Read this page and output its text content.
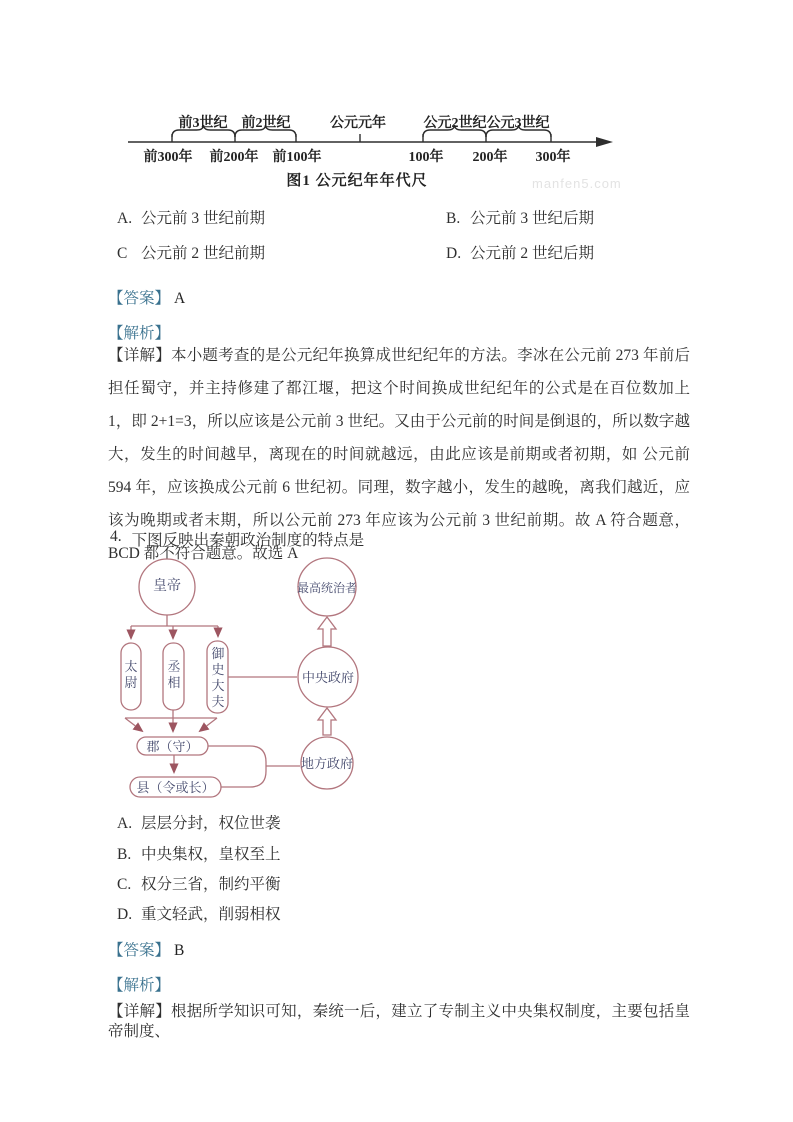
前3世纪 前2世纪	公元元年	公元2世纪 公元3世纪
前300年 前200年 前100年	100年 200年 300年
图1 公元纪年年代尺	manfen5.com
A. 公元前 3 世纪前期	B. 公元前 3 世纪后期
C 公元前 2 世纪前期	D. 公元前 2 世纪后期
【答案】 A
【解析】
【详解】本小题考查的是公元纪年换算成世纪纪年的方法。李冰在公元前 273 年前后担任蜀守，并主持修建了都江堰，把这个时间换成世纪纪年的公式是在百位数加上 1，即 2+1=3，所以应该是公元前 3 世纪。又由于公元前的时间是倒退的，所以数字越大，发生的时间越早，离现在的时间就越远，由此应该是前期或者初期，如 公元前 594 年，应该换成公元前 6 世纪初。同理，数字越小，发生的越晚，离我们越近，应该为晚期或者末期，所以公元前 273 年应该为公元前 3 世纪前期。故 A 符合题意，BCD 都不符合题意。故选 A
4. 下图反映出秦朝政治制度的特点是
皇帝	最高统治者
太尉
丞相
御史大夫
中央政府
郡（守）
县（令或长）
地方政府
A. 层层分封，权位世袭
B. 中央集权，皇权至上
C. 权分三省，制约平衡
D. 重文轻武，削弱相权
【答案】 B
【解析】
【详解】根据所学知识可知，秦统一后，建立了专制主义中央集权制度，主要包括皇帝制度、
